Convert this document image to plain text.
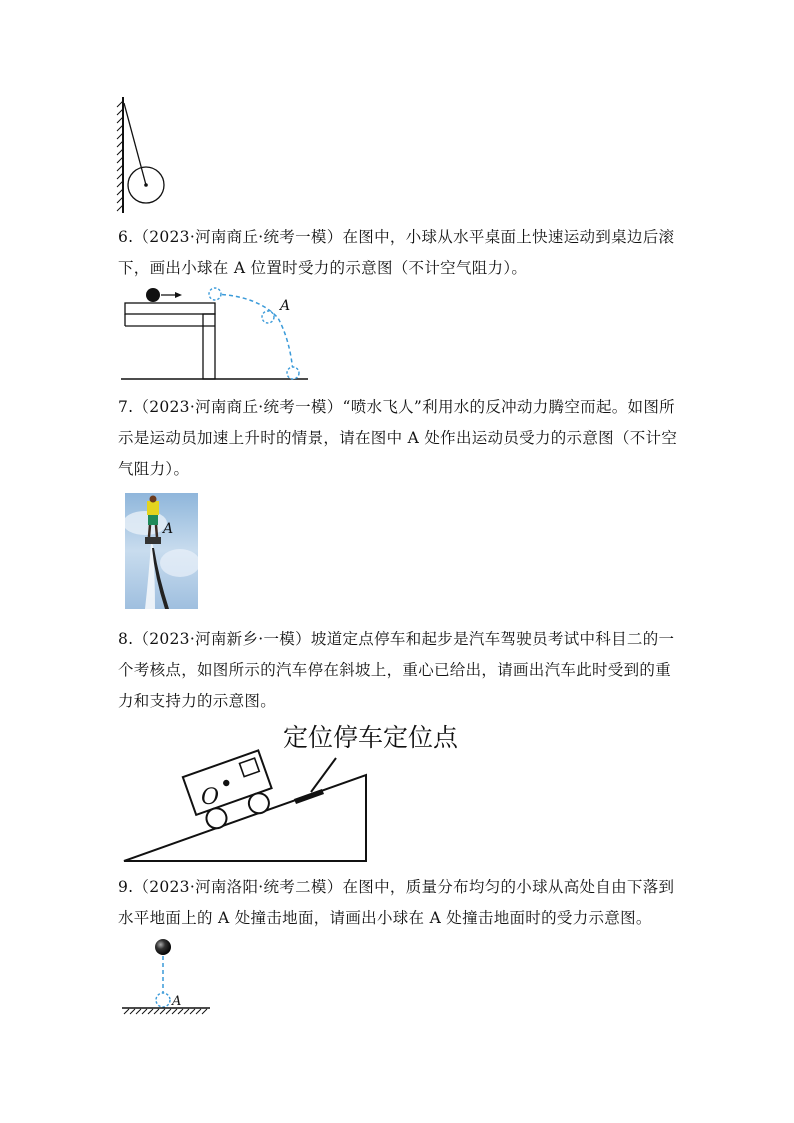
6.（2023·河南商丘·统考一模）在图中，小球从水平桌面上快速运动到桌边后滚下，画出小球在 A 位置时受力的示意图（不计空气阻力）。
A
7.（2023·河南商丘·统考一模）“喷水飞人”利用水的反冲动力腾空而起。如图所示是运动员加速上升时的情景，请在图中 A 处作出运动员受力的示意图（不计空气阻力）。
A
8.（2023·河南新乡·一模）坡道定点停车和起步是汽车驾驶员考试中科目二的一个考核点，如图所示的汽车停在斜坡上，重心已给出，请画出汽车此时受到的重力和支持力的示意图。
定位停车定位点
O
9.（2023·河南洛阳·统考二模）在图中，质量分布均匀的小球从高处自由下落到水平地面上的 A 处撞击地面，请画出小球在 A 处撞击地面时的受力示意图。
A
